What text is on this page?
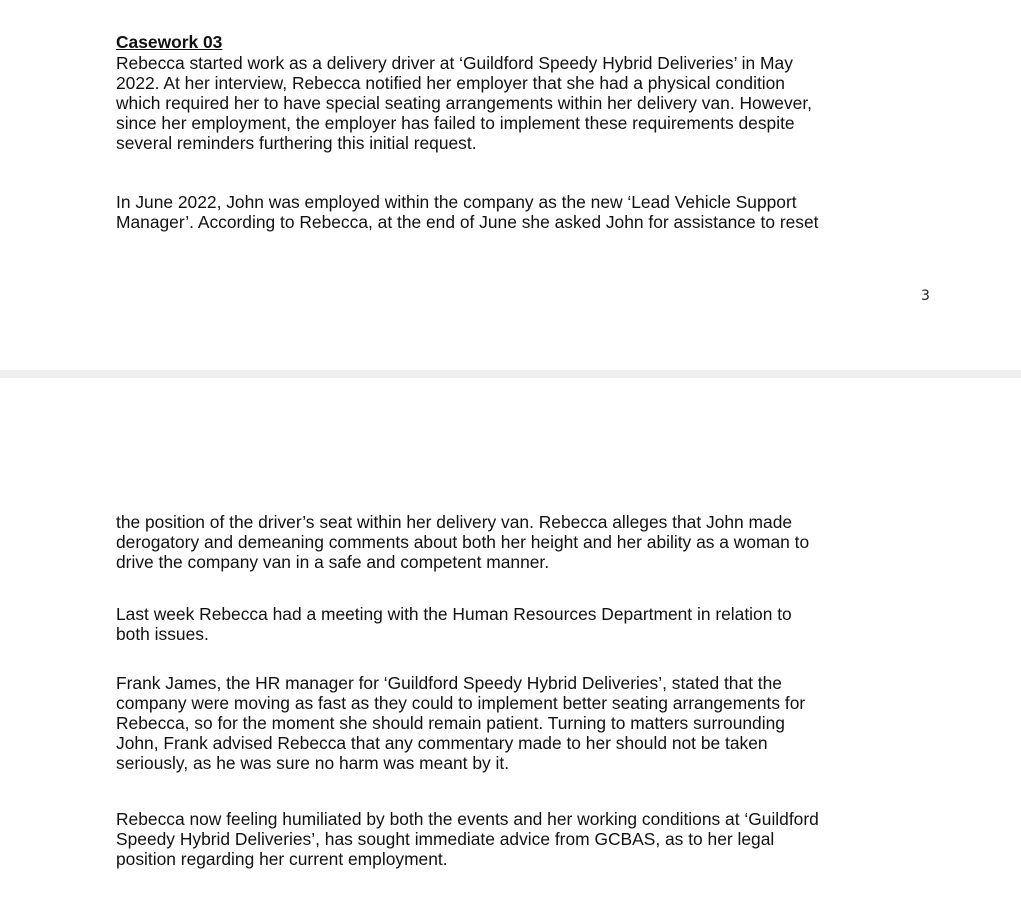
Casework 03
Rebecca started work as a delivery driver at ‘Guildford Speedy Hybrid Deliveries’ in May
2022. At her interview, Rebecca notified her employer that she had a physical condition
which required her to have special seating arrangements within her delivery van. However,
since her employment, the employer has failed to implement these requirements despite
several reminders furthering this initial request.
In June 2022, John was employed within the company as the new ‘Lead Vehicle Support
Manager’. According to Rebecca, at the end of June she asked John for assistance to reset
3
the position of the driver’s seat within her delivery van. Rebecca alleges that John made
derogatory and demeaning comments about both her height and her ability as a woman to
drive the company van in a safe and competent manner.
Last week Rebecca had a meeting with the Human Resources Department in relation to
both issues.
Frank James, the HR manager for ‘Guildford Speedy Hybrid Deliveries’, stated that the
company were moving as fast as they could to implement better seating arrangements for
Rebecca, so for the moment she should remain patient. Turning to matters surrounding
John, Frank advised Rebecca that any commentary made to her should not be taken
seriously, as he was sure no harm was meant by it.
Rebecca now feeling humiliated by both the events and her working conditions at ‘Guildford
Speedy Hybrid Deliveries’, has sought immediate advice from GCBAS, as to her legal
position regarding her current employment.
